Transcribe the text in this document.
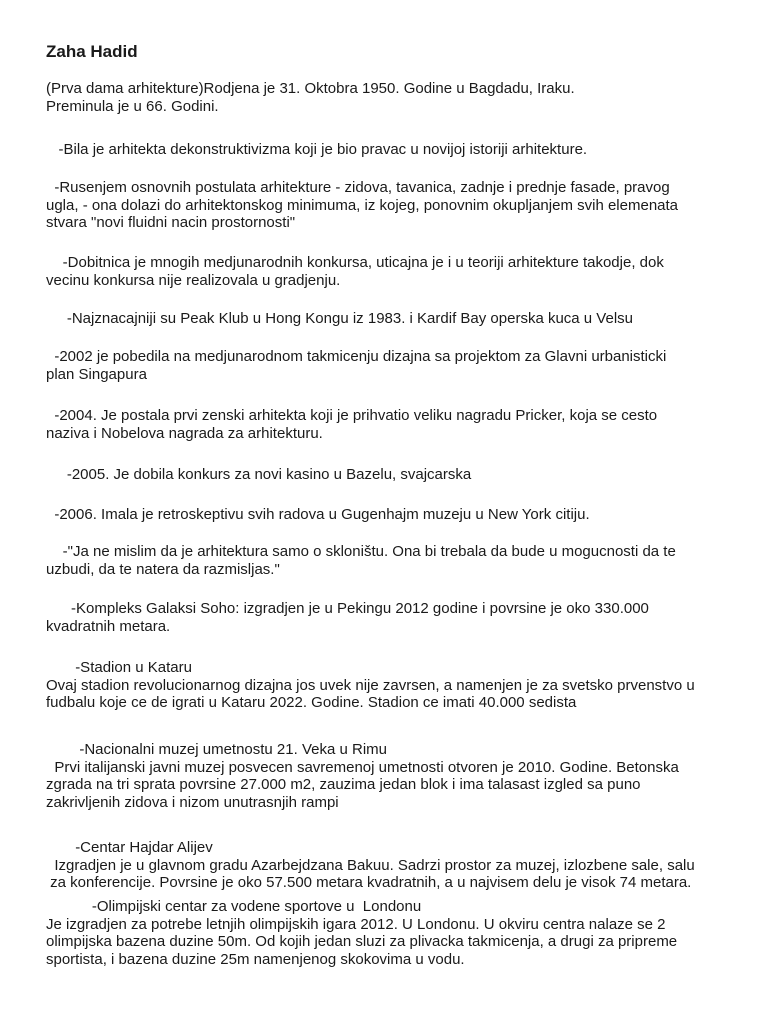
Zaha Hadid

(Prva dama arhitekture)Rodjena je 31. Oktobra 1950. Godine u Bagdadu, Iraku.
Preminula je u 66. Godini.

-Bila je arhitekta dekonstruktivizma koji je bio pravac u novijoj istoriji arhitekture.

-Rusenjem osnovnih postulata arhitekture - zidova, tavanica, zadnje i prednje fasade, pravog
ugla, - ona dolazi do arhitektonskog minimuma, iz kojeg, ponovnim okupljanjem svih elemenata
stvara "novi fluidni nacin prostornosti"

-Dobitnica je mnogih medjunarodnih konkursa, uticajna je i u teoriji arhitekture takodje, dok
vecinu konkursa nije realizovala u gradjenju.

-Najznacajniji su Peak Klub u Hong Kongu iz 1983. i Kardif Bay operska kuca u Velsu

-2002 je pobedila na medjunarodnom takmicenju dizajna sa projektom za Glavni urbanisticki
plan Singapura

-2004. Je postala prvi zenski arhitekta koji je prihvatio veliku nagradu Pricker, koja se cesto
naziva i Nobelova nagrada za arhitekturu.

-2005. Je dobila konkurs za novi kasino u Bazelu, svajcarska

-2006. Imala je retroskeptivu svih radova u Gugenhajm muzeju u New York citiju.

-"Ja ne mislim da je arhitektura samo o skloništu. Ona bi trebala da bude u mogucnosti da te
uzbudi, da te natera da razmisljas."

-Kompleks Galaksi Soho: izgradjen je u Pekingu 2012 godine i povrsine je oko 330.000
kvadratnih metara.

-Stadion u Kataru
Ovaj stadion revolucionarnog dizajna jos uvek nije zavrsen, a namenjen je za svetsko prvenstvo u
fudbalu koje ce de igrati u Kataru 2022. Godine. Stadion ce imati 40.000 sedista

-Nacionalni muzej umetnostu 21. Veka u Rimu
Prvi italijanski javni muzej posvecen savremenoj umetnosti otvoren je 2010. Godine. Betonska
zgrada na tri sprata povrsine 27.000 m2, zauzima jedan blok i ima talasast izgled sa puno
zakrivljenih zidova i nizom unutrasnjih rampi

-Centar Hajdar Alijev
Izgradjen je u glavnom gradu Azarbejdzana Bakuu. Sadrzi prostor za muzej, izlozbene sale, salu
za konferencije. Povrsine je oko 57.500 metara kvadratnih, a u najvisem delu je visok 74 metara.

-Olimpijski centar za vodene sportove u  Londonu
Je izgradjen za potrebe letnjih olimpijskih igara 2012. U Londonu. U okviru centra nalaze se 2
olimpijska bazena duzine 50m. Od kojih jedan sluzi za plivacka takmicenja, a drugi za pripreme
sportista, i bazena duzine 25m namenjenog skokovima u vodu.
